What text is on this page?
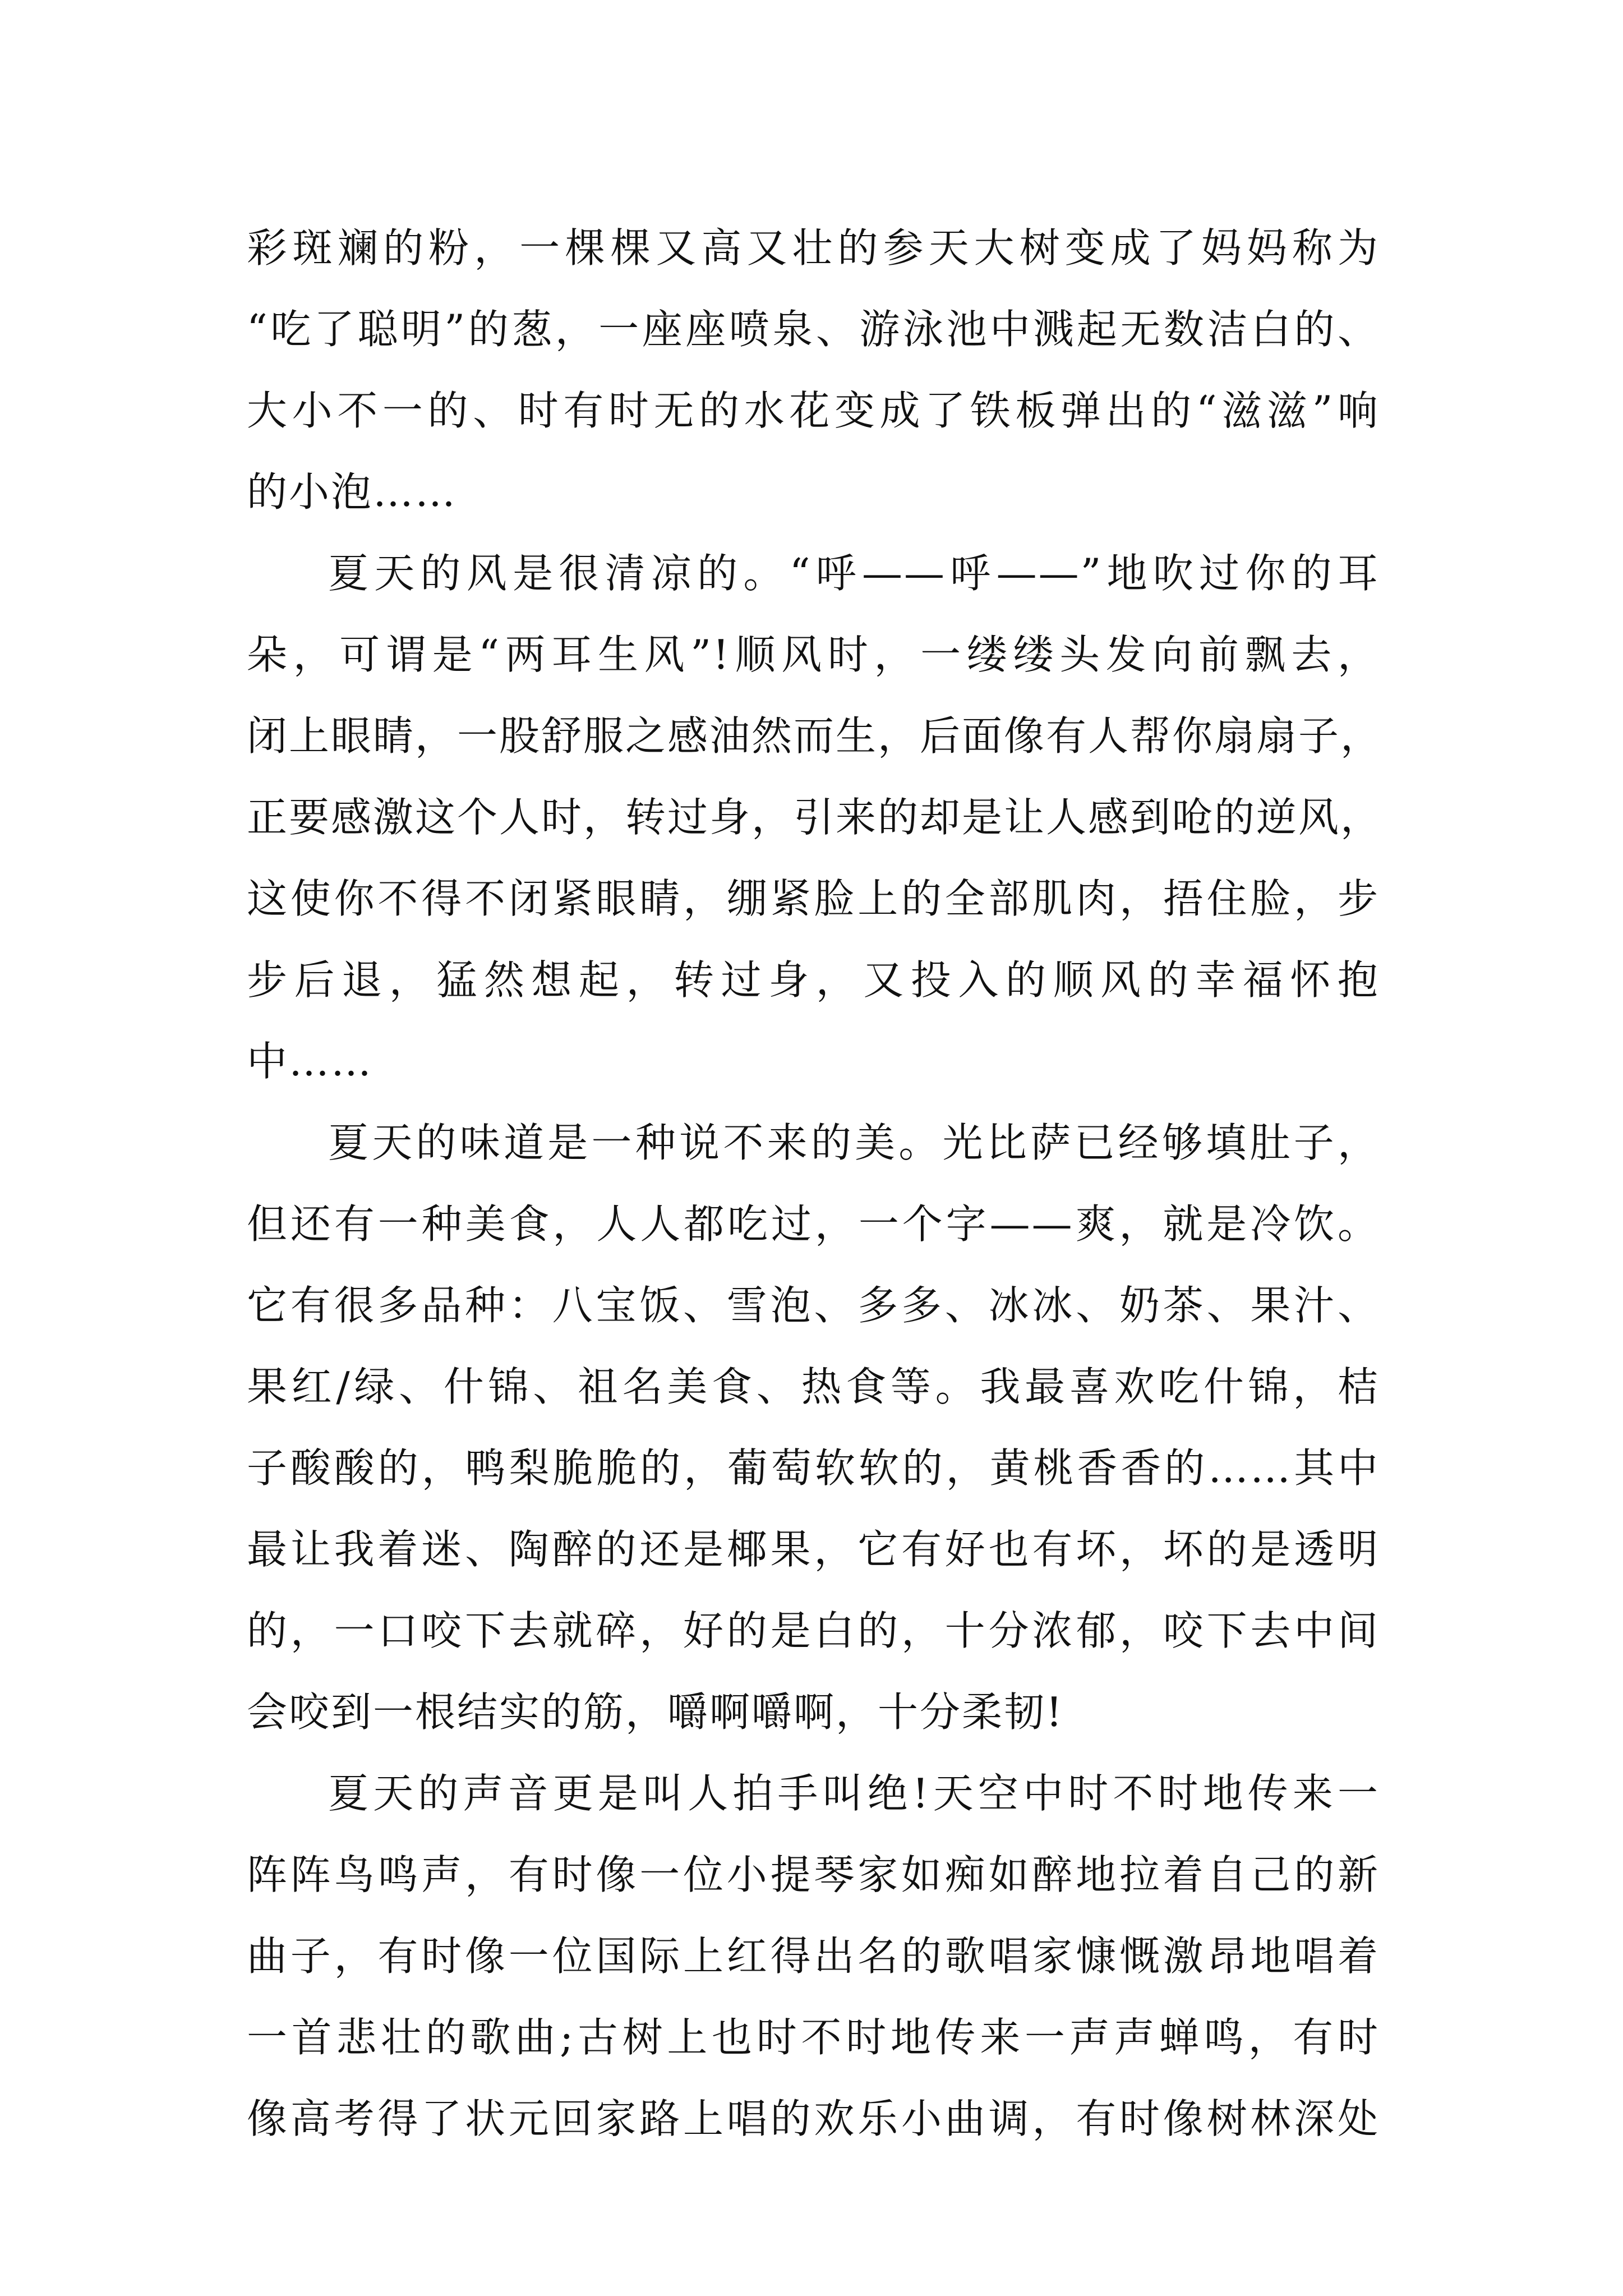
彩斑斓的粉，一棵棵又高又壮的参天大树变成了妈妈称为
“吃了聪明”的葱，一座座喷泉、游泳池中溅起无数洁白的、
大小不一的、时有时无的水花变成了铁板弹出的“滋滋”响
的小泡……
夏天的风是很清凉的。“呼——呼——”地吹过你的耳
朵，可谓是“两耳生风”!顺风时，一缕缕头发向前飘去，
闭上眼睛，一股舒服之感油然而生，后面像有人帮你扇扇子，
正要感激这个人时，转过身，引来的却是让人感到呛的逆风，
这使你不得不闭紧眼睛，绷紧脸上的全部肌肉，捂住脸，步
步后退，猛然想起，转过身，又投入的顺风的幸福怀抱
中……
夏天的味道是一种说不来的美。光比萨已经够填肚子，
但还有一种美食，人人都吃过，一个字——爽，就是冷饮。
它有很多品种：八宝饭、雪泡、多多、冰冰、奶茶、果汁、
果红/绿、什锦、祖名美食、热食等。我最喜欢吃什锦，桔
子酸酸的，鸭梨脆脆的，葡萄软软的，黄桃香香的……其中
最让我着迷、陶醉的还是椰果，它有好也有坏，坏的是透明
的，一口咬下去就碎，好的是白的，十分浓郁，咬下去中间
会咬到一根结实的筋，嚼啊嚼啊，十分柔韧!
夏天的声音更是叫人拍手叫绝!天空中时不时地传来一
阵阵鸟鸣声，有时像一位小提琴家如痴如醉地拉着自己的新
曲子，有时像一位国际上红得出名的歌唱家慷慨激昂地唱着
一首悲壮的歌曲;古树上也时不时地传来一声声蝉鸣，有时
像高考得了状元回家路上唱的欢乐小曲调，有时像树林深处
